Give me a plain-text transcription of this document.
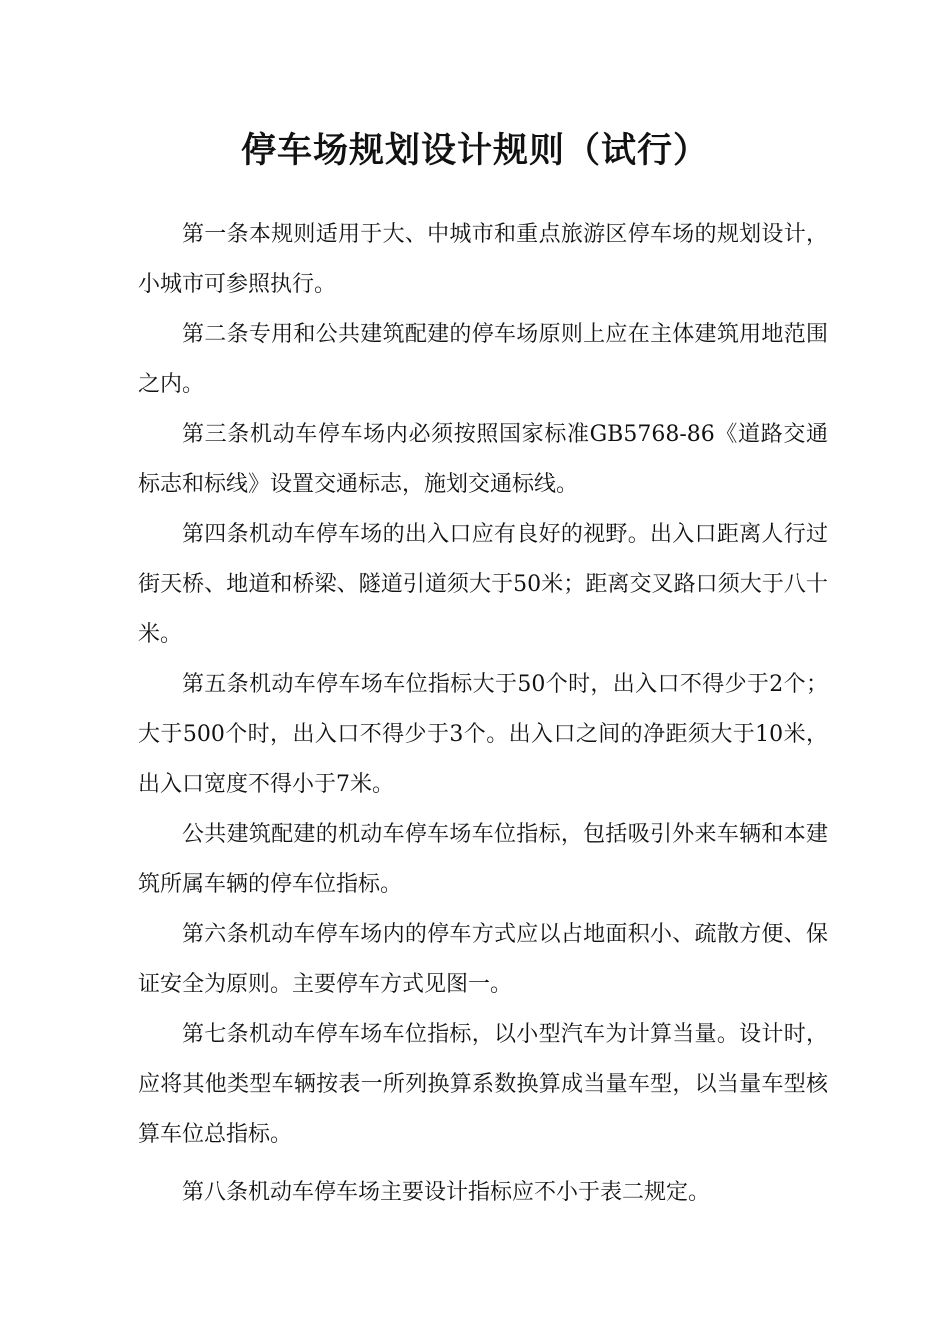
停车场规划设计规则（试行）

第一条本规则适用于大、中城市和重点旅游区停车场的规划设计，小城市可参照执行。

第二条专用和公共建筑配建的停车场原则上应在主体建筑用地范围之内。

第三条机动车停车场内必须按照国家标准GB5768-86《道路交通标志和标线》设置交通标志，施划交通标线。

第四条机动车停车场的出入口应有良好的视野。出入口距离人行过街天桥、地道和桥梁、隧道引道须大于50米；距离交叉路口须大于八十米。

第五条机动车停车场车位指标大于50个时，出入口不得少于2个；大于500个时，出入口不得少于3个。出入口之间的净距须大于10米，出入口宽度不得小于7米。

公共建筑配建的机动车停车场车位指标，包括吸引外来车辆和本建筑所属车辆的停车位指标。

第六条机动车停车场内的停车方式应以占地面积小、疏散方便、保证安全为原则。主要停车方式见图一。

第七条机动车停车场车位指标，以小型汽车为计算当量。设计时，应将其他类型车辆按表一所列换算系数换算成当量车型，以当量车型核算车位总指标。

第八条机动车停车场主要设计指标应不小于表二规定。
